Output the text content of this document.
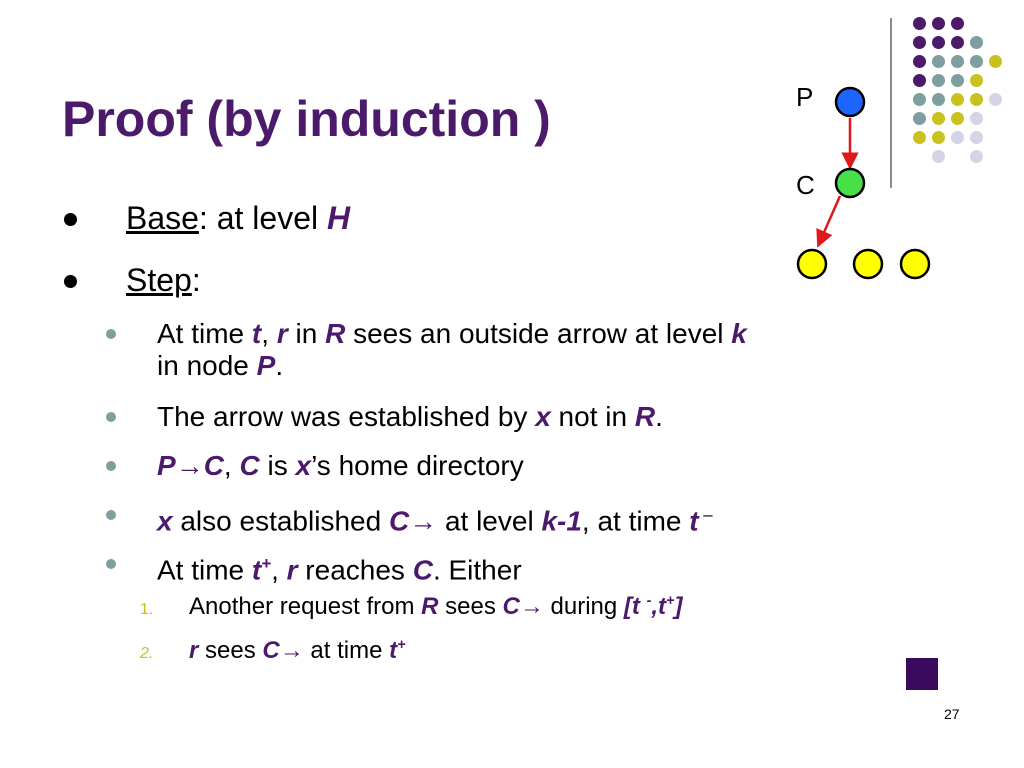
Proof (by induction )	P
C
Base: at level H
Step:
At time t, r in R sees an outside arrow at level k
in node P.
The arrow was established by x not in R.
P→C, C is x’s home directory
x also established C→ at level k-1, at time t –
At time t+, r reaches C. Either
1. Another request from R sees C→ during [t -,t+]
2. r sees C→ at time t+
27
